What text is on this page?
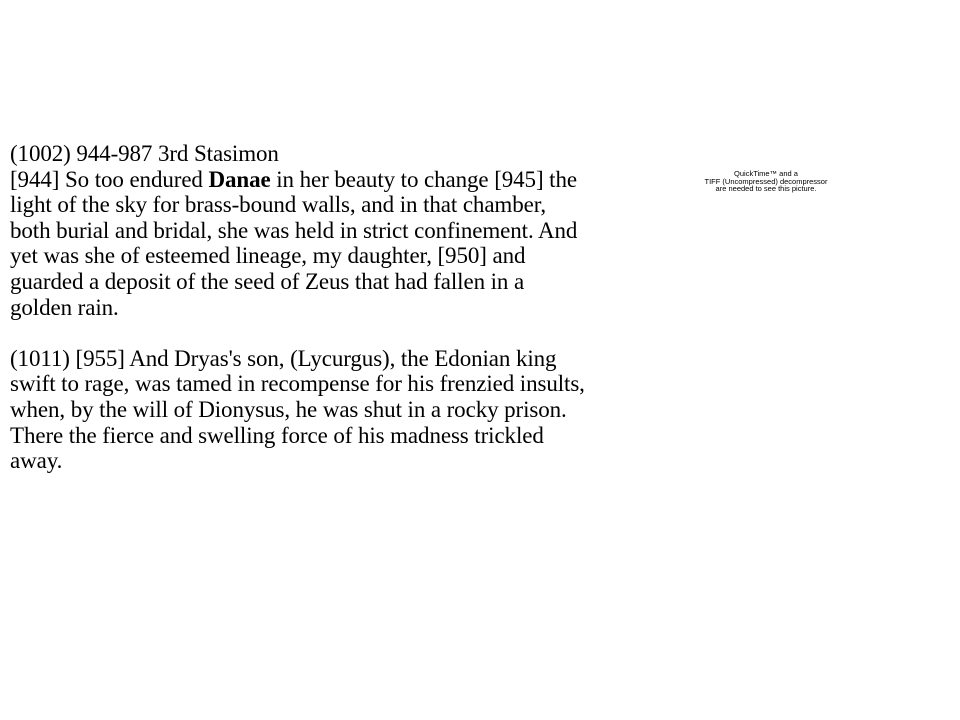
(1002) 944-987 3rd Stasimon

[944] So too endured Danae in her beauty to change [945] the light of the sky for brass-bound walls, and in that chamber, both burial and bridal, she was held in strict confinement. And yet was she of esteemed lineage, my daughter, [950] and guarded a deposit of the seed of Zeus that had fallen in a golden rain.

(1011) [955] And Dryas's son, (Lycurgus), the Edonian king swift to rage, was tamed in recompense for his frenzied insults, when, by the will of Dionysus, he was shut in a rocky prison. There the fierce and swelling force of his madness trickled away.

QuickTime™ and a
TIFF (Uncompressed) decompressor
are needed to see this picture.
